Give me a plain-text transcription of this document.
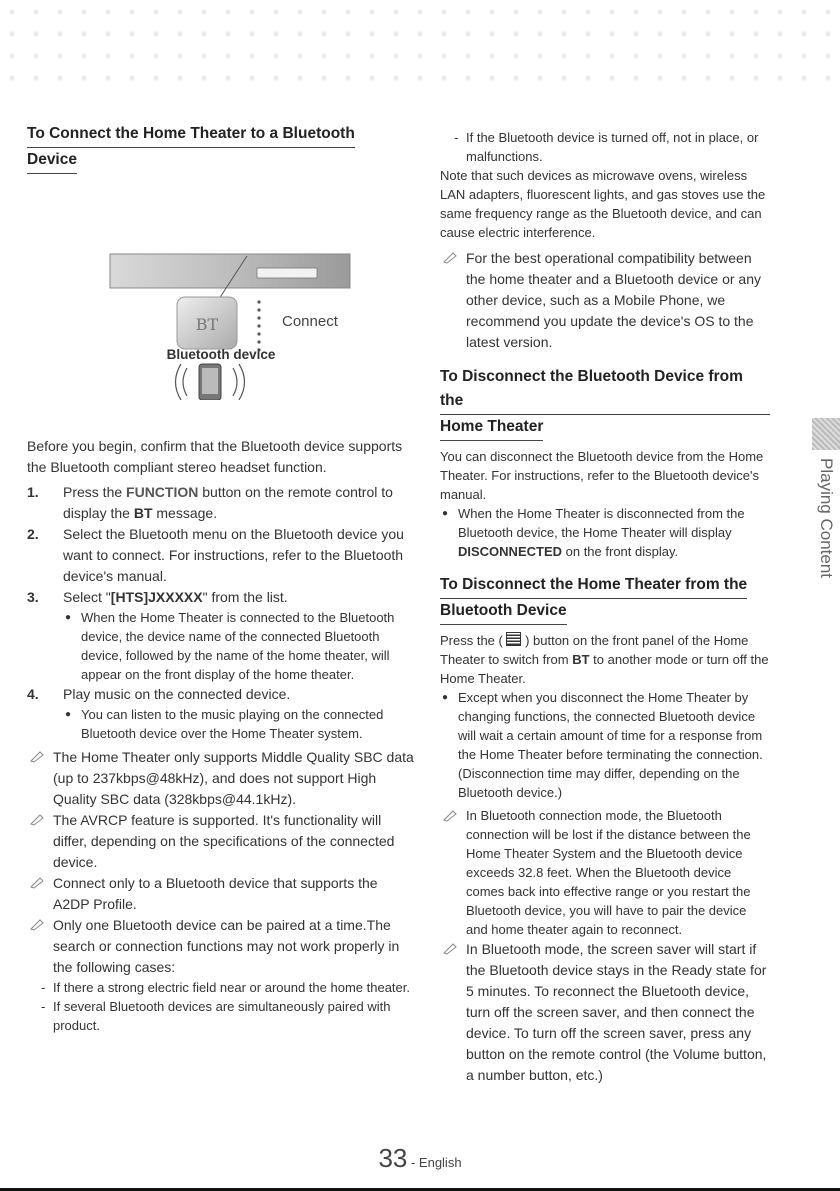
To Connect the Home Theater to a Bluetooth
Device
BT	Connect
Bluetooth device

Before you begin, confirm that the Bluetooth device supports the Bluetooth compliant stereo headset function.

1. Press the FUNCTION button on the remote control to display the BT message.
2. Select the Bluetooth menu on the Bluetooth device you want to connect. For instructions, refer to the Bluetooth device's manual.
3. Select "[HTS]JXXXXX" from the list.
● When the Home Theater is connected to the Bluetooth device, the device name of the connected Bluetooth device, followed by the name of the home theater, will appear on the front display of the home theater.
4. Play music on the connected device.
● You can listen to the music playing on the connected Bluetooth device over the Home Theater system.
The Home Theater only supports Middle Quality SBC data (up to 237kbps@48kHz), and does not support High Quality SBC data (328kbps@44.1kHz).
The AVRCP feature is supported. It's functionality will differ, depending on the specifications of the connected device.
Connect only to a Bluetooth device that supports the A2DP Profile.
Only one Bluetooth device can be paired at a time.The search or connection functions may not work properly in the following cases:
- If there a strong electric field near or around the home theater.
- If several Bluetooth devices are simultaneously paired with product.
- If the Bluetooth device is turned off, not in place, or malfunctions.

Note that such devices as microwave ovens, wireless LAN adapters, fluorescent lights, and gas stoves use the same frequency range as the Bluetooth device, and can cause electric interference.

For the best operational compatibility between the home theater and a Bluetooth device or any other device, such as a Mobile Phone, we recommend you update the device's OS to the latest version.
To Disconnect the Bluetooth Device from the
Home Theater

You can disconnect the Bluetooth device from the Home Theater. For instructions, refer to the Bluetooth device's manual.

● When the Home Theater is disconnected from the Bluetooth device, the Home Theater will display DISCONNECTED on the front display.
To Disconnect the Home Theater from the
Bluetooth Device

Press the (  ) button on the front panel of the Home Theater to switch from BT to another mode or turn off the Home Theater.

● Except when you disconnect the Home Theater by changing functions, the connected Bluetooth device will wait a certain amount of time for a response from the Home Theater before terminating the connection. (Disconnection time may differ, depending on the Bluetooth device.)
In Bluetooth connection mode, the Bluetooth connection will be lost if the distance between the Home Theater System and the Bluetooth device exceeds 32.8 feet. When the Bluetooth device comes back into effective range or you restart the Bluetooth device, you will have to pair the device and home theater again to reconnect.
In Bluetooth mode, the screen saver will start if the Bluetooth device stays in the Ready state for 5 minutes. To reconnect the Bluetooth device, turn off the screen saver, and then connect the device. To turn off the screen saver, press any button on the remote control (the Volume button, a number button, etc.)
Playing Content
33 - English
